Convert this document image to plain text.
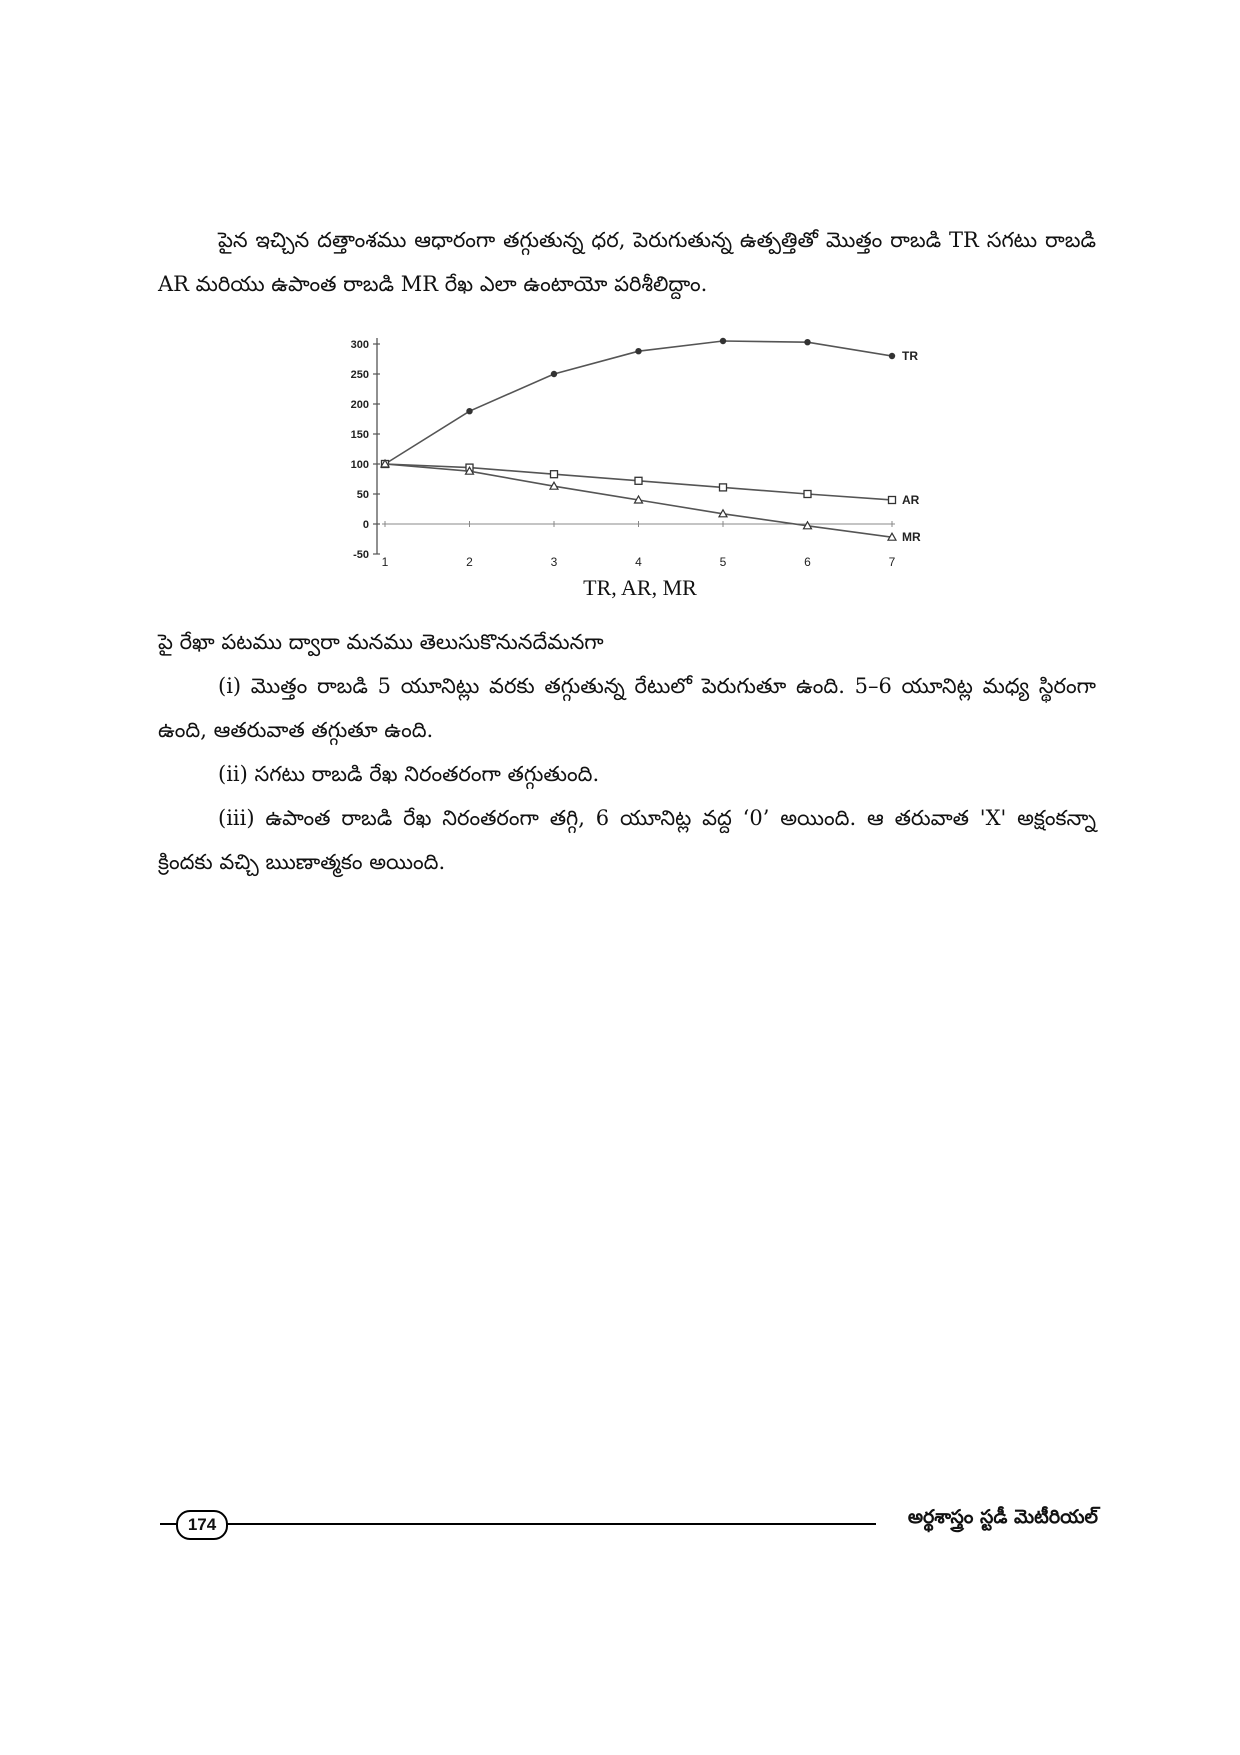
పైన ఇచ్చిన దత్తాంశము ఆధారంగా తగ్గుతున్న ధర, పెరుగుతున్న ఉత్పత్తితో మొత్తం రాబడి TR సగటు రాబడి AR మరియు ఉపాంత రాబడి MR రేఖ ఎలా ఉంటాయో పరిశీలిద్దాం.

300
250
200
150
100
50
0
-50 1	2	3	4	5	6	7
TR
AR
MR
TR, AR, MR

పై రేఖా పటము ద్వారా మనము తెలుసుకొనునదేమనగా

(i) మొత్తం రాబడి 5 యూనిట్లు వరకు తగ్గుతున్న రేటులో పెరుగుతూ ఉంది. 5–6 యూనిట్ల మధ్య స్థిరంగా ఉంది, ఆతరువాత తగ్గుతూ ఉంది.

(ii) సగటు రాబడి రేఖ నిరంతరంగా తగ్గుతుంది.

(iii) ఉపాంత రాబడి రేఖ నిరంతరంగా తగ్గి, 6 యూనిట్ల వద్ద ‘0’ అయింది. ఆ తరువాత 'X' అక్షంకన్నా క్రిందకు వచ్చి ఋణాత్మకం అయింది.

174	అర్థశాస్త్రం స్టడీ మెటీరియల్
